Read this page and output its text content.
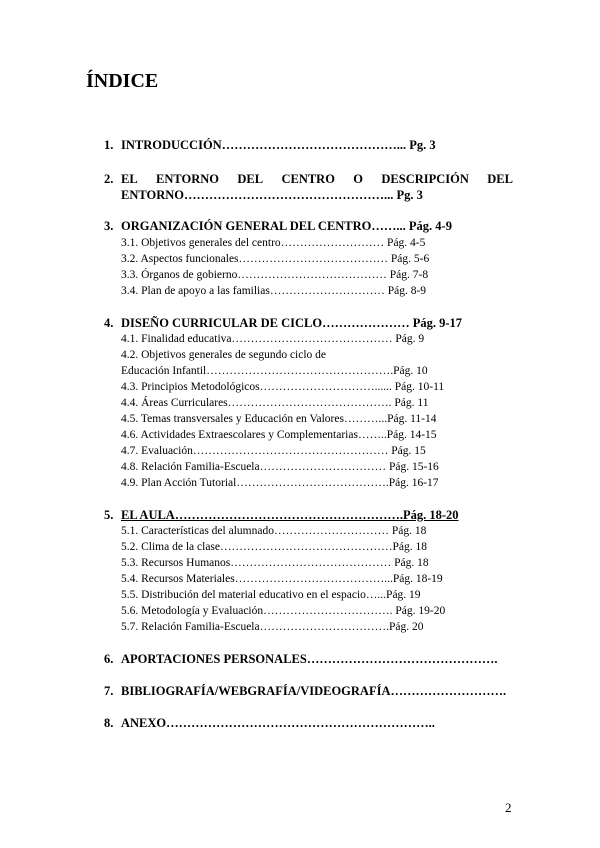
ÍNDICE
1. INTRODUCCIÓN……………………………………... Pg. 3
2. EL ENTORNO DEL CENTRO O DESCRIPCIÓN DEL
ENTORNO…………………………………………... Pg. 3
3. ORGANIZACIÓN GENERAL DEL CENTRO……... Pág. 4-9
3.1. Objetivos generales del centro……………………… Pág. 4-5
3.2. Aspectos funcionales………………………………… Pág. 5-6
3.3. Órganos de gobierno………………………………… Pág. 7-8
3.4. Plan de apoyo a las familias………………………… Pág. 8-9
4. DISEÑO CURRICULAR DE CICLO………………… Pág. 9-17
4.1. Finalidad educativa…………………………………… Pág. 9
4.2. Objetivos generales de segundo ciclo de
Educación Infantil………………………………………….Pág. 10
4.3. Principios Metodológicos…………………………...... Pág. 10-11
4.4. Áreas Curriculares……………………………………. Pág. 11
4.5. Temas transversales y Educación en Valores………...Pág. 11-14
4.6. Actividades Extraescolares y Complementarias……..Pág. 14-15
4.7. Evaluación…………………………………………… Pág. 15
4.8. Relación Familia-Escuela…………………………… Pág. 15-16
4.9. Plan Acción Tutorial………………………………….Pág. 16-17
5. EL AULA……………………………………………….Pág. 18-20
5.1. Características del alumnado………………………… Pág. 18
5.2. Clima de la clase………………………………………Pág. 18
5.3. Recursos Humanos…………………………………… Pág. 18
5.4. Recursos Materiales…………………………………...Pág. 18-19
5.5. Distribución del material educativo en el espacio…...Pág. 19
5.6. Metodología y Evaluación……………………………. Pág. 19-20
5.7. Relación Familia-Escuela…………………………….Pág. 20
6. APORTACIONES PERSONALES……………………………………….
7. BIBLIOGRAFÍA/WEBGRAFÍA/VIDEOGRAFÍA……………………….
8. ANEXO………………………………………………………..
2
